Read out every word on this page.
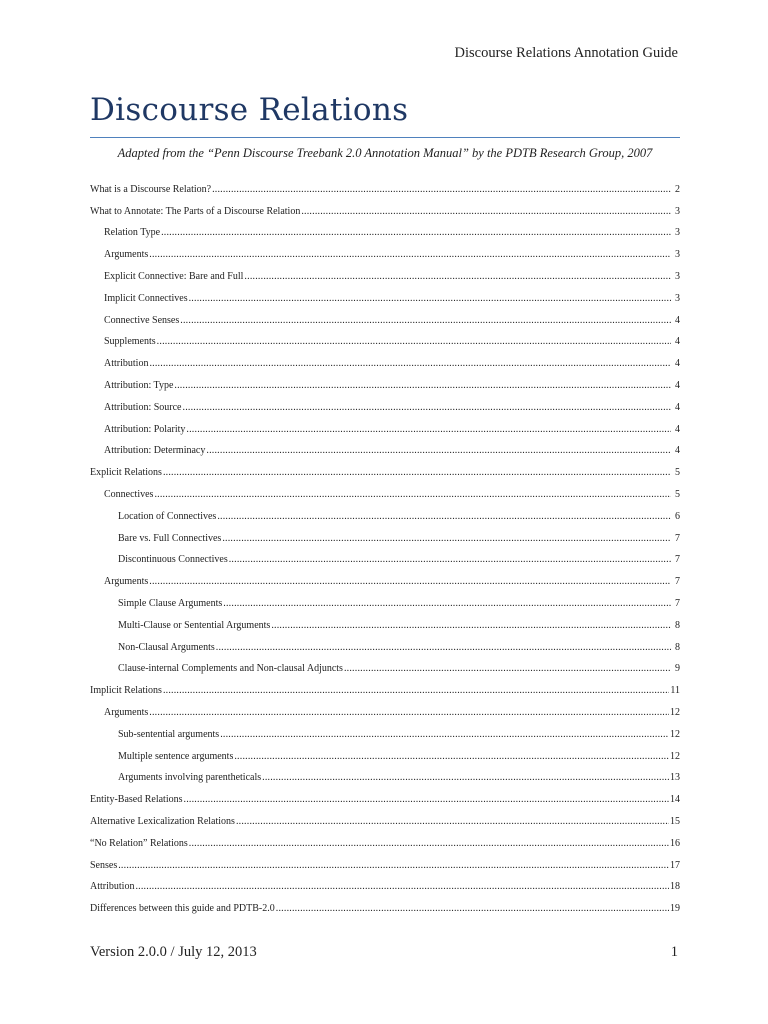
Discourse Relations Annotation Guide
Discourse Relations
Adapted from the “Penn Discourse Treebank 2.0 Annotation Manual” by the PDTB Research Group, 2007
What is a Discourse Relation? .....	2
What to Annotate: The Parts of a Discourse Relation .....	3
Relation Type .....	3
Arguments .....	3
Explicit Connective: Bare and Full .....	3
Implicit Connectives .....	3
Connective Senses .....	4
Supplements .....	4
Attribution .....	4
Attribution: Type .....	4
Attribution: Source .....	4
Attribution: Polarity .....	4
Attribution: Determinacy .....	4
Explicit Relations .....	5
Connectives .....	5
Location of Connectives .....	6
Bare vs. Full Connectives .....	7
Discontinuous Connectives .....	7
Arguments .....	7
Simple Clause Arguments .....	7
Multi-Clause or Sentential Arguments .....	8
Non-Clausal Arguments .....	8
Clause-internal Complements and Non-clausal Adjuncts .....	9
Implicit Relations .....	11
Arguments .....	12
Sub-sentential arguments .....	12
Multiple sentence arguments .....	12
Arguments involving parentheticals .....	13
Entity-Based Relations .....	14
Alternative Lexicalization Relations .....	15
“No Relation” Relations .....	16
Senses .....	17
Attribution .....	18
Differences between this guide and PDTB-2.0 .....	19
Version 2.0.0 / July 12, 2013	1
